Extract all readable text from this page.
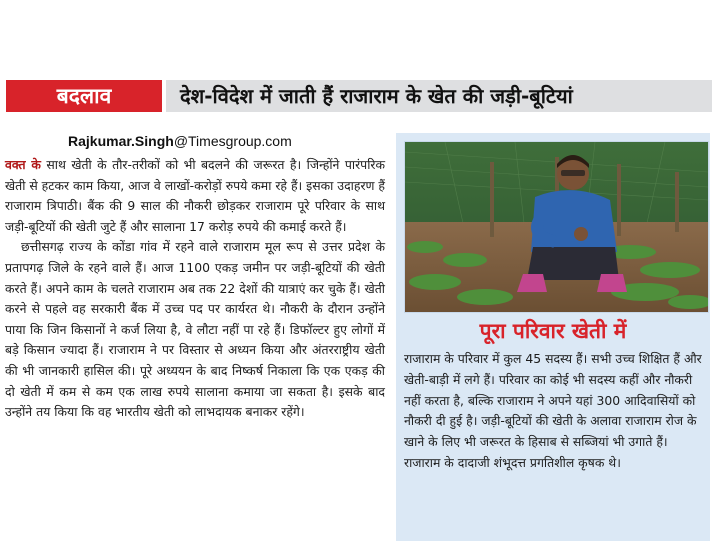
बदलाव	देश-विदेश में जाती हैं राजाराम के खेत की जड़ी-बूटियां
Rajkumar.Singh@Timesgroup.com

वक्त के साथ खेती के तौर-तरीकों को भी बदलने की जरूरत है। जिन्होंने पारंपरिक खेती से हटकर काम किया, आज वे लाखों-करोड़ों रुपये कमा रहे हैं। इसका उदाहरण हैं राजाराम त्रिपाठी। बैंक की 9 साल की नौकरी छोड़कर राजाराम पूरे परिवार के साथ जड़ी-बूटियों की खेती जुटे हैं और सालाना 17 करोड़ रुपये की कमाई करते हैं।

छत्तीसगढ़ राज्य के कोंडा गांव में रहने वाले राजाराम मूल रूप से उत्तर प्रदेश के प्रतापगढ़ जिले के रहने वाले हैं। आज 1100 एकड़ जमीन पर जड़ी-बूटियों की खेती करते हैं। अपने काम के चलते राजाराम अब तक 22 देशों की यात्राएं कर चुके हैं। खेती करने से पहले वह सरकारी बैंक में उच्च पद पर कार्यरत थे। नौकरी के दौरान उन्होंने पाया कि जिन किसानों ने कर्ज लिया है, वे लौटा नहीं पा रहे हैं। डिफॉल्टर हुए लोगों में बड़े किसान ज्यादा हैं। राजाराम ने पर विस्तार से अध्यन किया और अंतरराष्ट्रीय खेती की भी जानकारी हासिल की। पूरे अध्ययन के बाद निष्कर्ष निकाला कि एक एकड़ की दो खेती में कम से कम एक लाख रुपये सालाना कमाया जा सकता है। इसके बाद उन्होंने तय किया कि वह भारतीय खेती को लाभदायक बनाकर रहेंगे।

पूरा परिवार खेती में

राजाराम के परिवार में कुल 45 सदस्य हैं। सभी उच्च शिक्षित हैं और खेती-बाड़ी में लगे हैं। परिवार का कोई भी सदस्य कहीं और नौकरी नहीं करता है, बल्कि राजाराम ने अपने यहां 300 आदिवासियों को नौकरी दी हुई है। जड़ी-बूटियों की खेती के अलावा राजाराम रोज के खाने के लिए भी जरूरत के हिसाब से सब्जियां भी उगाते हैं। राजाराम के दादाजी शंभूदत्त प्रगतिशील कृषक थे।
